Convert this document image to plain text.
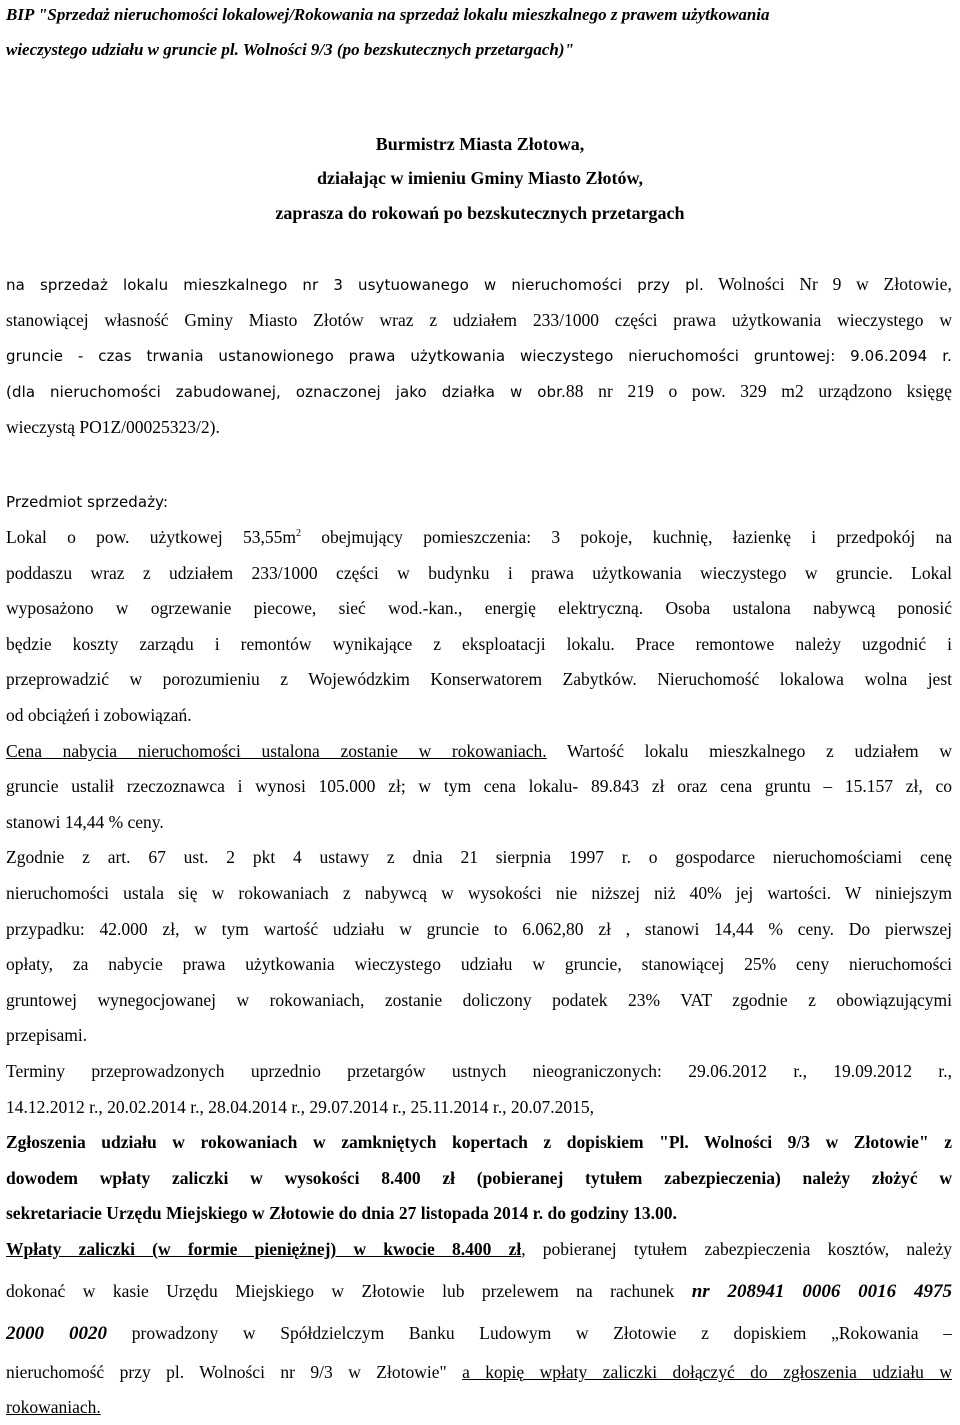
BIP "Sprzedaż nieruchomości lokalowej/Rokowania na sprzedaż lokalu mieszkalnego z prawem użytkowania
wieczystego udziału w gruncie pl. Wolności 9/3 (po bezskutecznych przetargach)"
Burmistrz Miasta Złotowa,
działając w imieniu Gminy Miasto Złotów,
zaprasza do rokowań po bezskutecznych przetargach
na sprzedaż lokalu mieszkalnego nr 3 usytuowanego w nieruchomości przy pl. Wolności Nr 9 w Złotowie,
stanowiącej własność Gminy Miasto Złotów wraz z udziałem 233/1000 części prawa użytkowania wieczystego w
gruncie - czas trwania ustanowionego prawa użytkowania wieczystego nieruchomości gruntowej: 9.06.2094 r.
(dla nieruchomości zabudowanej, oznaczonej jako działka w obr.88 nr 219 o pow. 329 m2 urządzono księgę
wieczystą PO1Z/00025323/2).
Przedmiot sprzedaży:
Lokal o pow. użytkowej $53,55m^2$ obejmujący pomieszczenia: 3 pokoje, kuchnię, łazienkę i przedpokój na
poddaszu wraz z udziałem 233/1000 części w budynku i prawa użytkowania wieczystego w gruncie. Lokal
wyposażono w ogrzewanie piecowe, sieć wod.-kan., energię elektryczną. Osoba ustalona nabywcą ponosić
będzie koszty zarządu i remontów wynikające z eksploatacji lokalu. Prace remontowe należy uzgodnić i
przeprowadzić w porozumieniu z Wojewódzkim Konserwatorem Zabytków. Nieruchomość lokalowa wolna jest
od obciążeń i zobowiązań.
Cena nabycia nieruchomości ustalona zostanie w rokowaniach. Wartość lokalu mieszkalnego z udziałem w
gruncie ustalił rzeczoznawca i wynosi 105.000 zł; w tym cena lokalu- 89.843 zł oraz cena gruntu – 15.157 zł, co
stanowi 14,44 % ceny.
Zgodnie z art. 67 ust. 2 pkt 4 ustawy z dnia 21 sierpnia 1997 r. o gospodarce nieruchomościami cenę
nieruchomości ustala się w rokowaniach z nabywcą w wysokości nie niższej niż 40% jej wartości. W niniejszym
przypadku: 42.000 zł, w tym wartość udziału w gruncie to 6.062,80 zł , stanowi 14,44 % ceny. Do pierwszej
opłaty, za nabycie prawa użytkowania wieczystego udziału w gruncie, stanowiącej 25% ceny nieruchomości
gruntowej wynegocjowanej w rokowaniach, zostanie doliczony podatek 23% VAT zgodnie z obowiązującymi
przepisami.
Terminy przeprowadzonych uprzednio przetargów ustnych nieograniczonych: 29.06.2012 r., 19.09.2012 r.,
14.12.2012 r., 20.02.2014 r., 28.04.2014 r., 29.07.2014 r., 25.11.2014 r., 20.07.2015,
Zgłoszenia udziału w rokowaniach w zamkniętych kopertach z dopiskiem "Pl. Wolności 9/3 w Złotowie" z
dowodem wpłaty zaliczki w wysokości 8.400 zł (pobieranej tytułem zabezpieczenia) należy złożyć w
sekretariacie Urzędu Miejskiego w Złotowie do dnia 27 listopada 2014 r. do godziny 13.00.
Wpłaty zaliczki (w formie pieniężnej) w kwocie 8.400 zł, pobieranej tytułem zabezpieczenia kosztów, należy
dokonać w kasie Urzędu Miejskiego w Złotowie lub przelewem na rachunek nr 208941 0006 0016 4975
2000 0020 prowadzony w Spółdzielczym Banku Ludowym w Złotowie z dopiskiem „Rokowania –
nieruchomość przy pl. Wolności nr 9/3 w Złotowie" a kopię wpłaty zaliczki dołączyć do zgłoszenia udziału w
rokowaniach.
